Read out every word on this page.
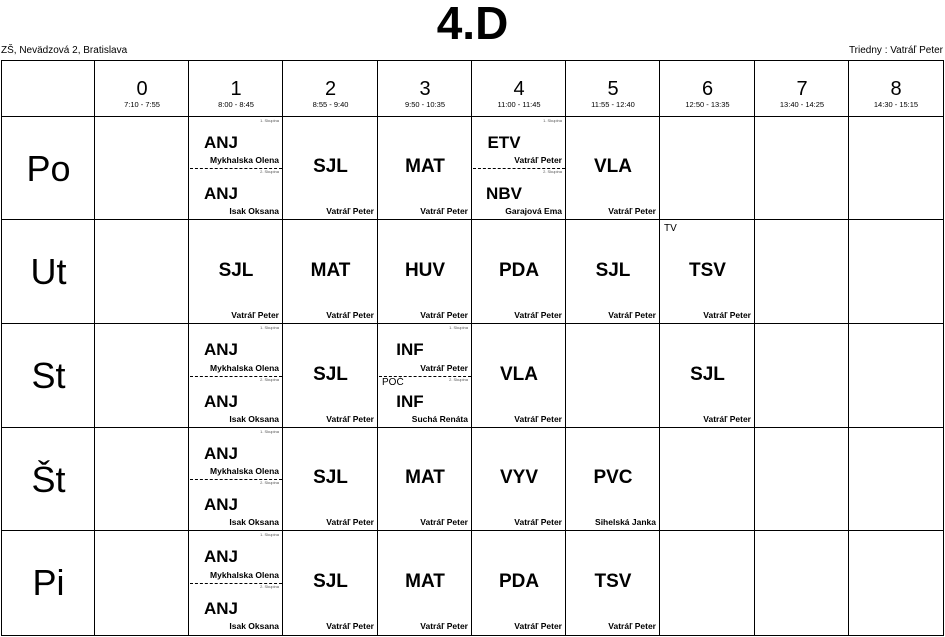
4.D
ZŠ, Nevädzová 2, Bratislava	Triedny : Vatráľ Peter
0
7:10 - 7:55
1
8:00 - 8:45
2
8:55 - 9:40
3
9:50 - 10:35
4
11:00 - 11:45
5
11:55 - 12:40
6
12:50 - 13:35
7
13:40 - 14:25
8
14:30 - 15:15
Po
Ut
St
Št
Pi
1. Skupina
ANJ
Mykhalska Olena
2. Skupina
ANJ
Isak Oksana
SJL
Vatráľ Peter
MAT
Vatráľ Peter
1. Skupina
ETV
Vatráľ Peter
2. Skupina
NBV
Garajová Ema
VLA
Vatráľ Peter
SJL
Vatráľ Peter
MAT
Vatráľ Peter
HUV
Vatráľ Peter
PDA
Vatráľ Peter
SJL
Vatráľ Peter
TV
TSV
Vatráľ Peter
1. Skupina
ANJ
Mykhalska Olena
2. Skupina
ANJ
Isak Oksana
SJL
Vatráľ Peter
1. Skupina
INF
Vatráľ Peter
2. Skupina
POČ
INF
Suchá Renáta
VLA
Vatráľ Peter
SJL
Vatráľ Peter
1. Skupina
ANJ
Mykhalska Olena
2. Skupina
ANJ
Isak Oksana
SJL
Vatráľ Peter
MAT
Vatráľ Peter
VYV
Vatráľ Peter
PVC
Sihelská Janka
1. Skupina
ANJ
Mykhalska Olena
2. Skupina
ANJ
Isak Oksana
SJL
Vatráľ Peter
MAT
Vatráľ Peter
PDA
Vatráľ Peter
TSV
Vatráľ Peter
